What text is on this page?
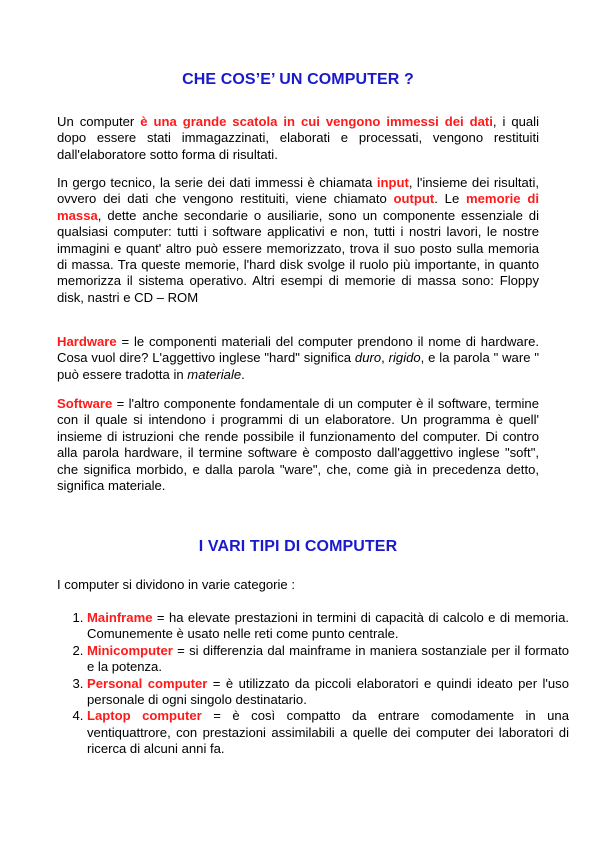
CHE COS’E’ UN COMPUTER ?

Un computer è una grande scatola in cui vengono immessi dei dati, i quali dopo essere stati immagazzinati, elaborati e processati, vengono restituiti dall'elaboratore sotto forma di risultati.

In gergo tecnico, la serie dei dati immessi è chiamata input, l'insieme dei risultati, ovvero dei dati che vengono restituiti, viene chiamato output. Le memorie di massa, dette anche secondarie o ausiliarie, sono un componente essenziale di qualsiasi computer: tutti i software applicativi e non, tutti i nostri lavori, le nostre immagini e quant' altro può essere memorizzato, trova il suo posto sulla memoria di massa. Tra queste memorie, l'hard disk svolge il ruolo più importante, in quanto memorizza il sistema operativo. Altri esempi di memorie di massa sono: Floppy disk, nastri e CD – ROM

Hardware = le componenti materiali del computer prendono il nome di hardware. Cosa vuol dire? L'aggettivo inglese "hard" significa duro, rigido, e la parola " ware " può essere tradotta in materiale.

Software = l'altro componente fondamentale di un computer è il software, termine con il quale si intendono i programmi di un elaboratore. Un programma è quell' insieme di istruzioni che rende possibile il funzionamento del computer. Di contro alla parola hardware, il termine software è composto dall'aggettivo inglese "soft", che significa morbido, e dalla parola "ware", che, come già in precedenza detto, significa materiale.

I VARI TIPI DI COMPUTER

I computer si dividono in varie categorie :

1. Mainframe = ha elevate prestazioni in termini di capacità di calcolo e di memoria. Comunemente è usato nelle reti come punto centrale.
2. Minicomputer = si differenzia dal mainframe in maniera sostanziale per il formato e la potenza.
3. Personal computer = è utilizzato da piccoli elaboratori e quindi ideato per l'uso personale di ogni singolo destinatario.
4. Laptop computer = è così compatto da entrare comodamente in una ventiquattrore, con prestazioni assimilabili a quelle dei computer dei laboratori di ricerca di alcuni anni fa.
